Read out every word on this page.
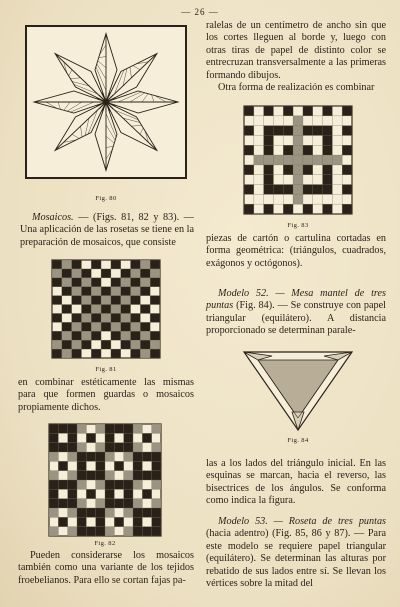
— 26 —
Fig. 80
Mosaicos. — (Figs. 81, 82 y 83). — Una aplicación de las rosetas se tiene en la preparación de mosaicos, que consiste
Fig. 81
en combinar estéticamente las mismas para que formen guardas o mosaicos propiamente dichos.
Fig. 82
Pueden considerarse los mosaicos también como una variante de los tejidos froebelianos. Para ello se cortan fajas pa-
ralelas de un centímetro de ancho sin que los cortes lleguen al borde y, luego con otras tiras de papel de distinto color se entrecruzan transversalmente a las primeras formando dibujos.
Otra forma de realización es combinar
Fig. 83
piezas de cartón o cartulina cortadas en forma geométrica: (triángulos, cuadrados, exágonos y octógonos).
Modelo 52. — Mesa mantel de tres puntas (Fig. 84). — Se construye con papel triangular (equilátero). A distancia proporcionado se determinan parale-
Fig. 84
las a los lados del triángulo inicial. En las esquinas se marcan, hacia el reverso, las bisectrices de los ángulos. Se conforma como indica la figura.
Modelo 53. — Roseta de tres puntas (hacia adentro) (Fig. 85, 86 y 87). — Para este modelo se requiere papel triangular (equilátero). Se determinan las alturas por rebatido de sus lados entre sí. Se llevan los vértices sobre la mitad del
